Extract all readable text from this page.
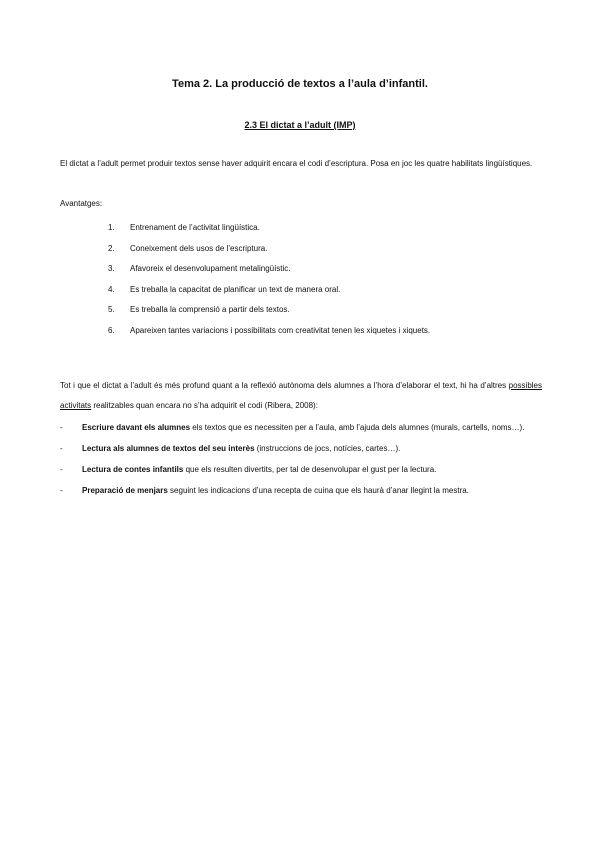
Tema 2. La producció de textos a l’aula d’infantil.
2.3 El dictat a l’adult (IMP)
El dictat a l’adult permet produir textos sense haver adquirit encara el codi d’escriptura. Posa en joc les quatre habilitats lingüístiques.
Avantatges:
1. Entrenament de l’activitat lingüística.
2. Coneixement dels usos de l’escriptura.
3. Afavoreix el desenvolupament metalingüístic.
4. Es treballa la capacitat de planificar un text de manera oral.
5. Es treballa la comprensió a partir dels textos.
6. Apareixen tantes variacions i possibilitats com creativitat tenen les xiquetes i xiquets.
Tot i que el dictat a l’adult és més profund quant a la reflexió autònoma dels alumnes a l’hora d’elaborar el text, hi ha d’altres possibles activitats realitzables quan encara no s’ha adquirit el codi (Ribera, 2008):
- Escriure davant els alumnes els textos que es necessiten per a l’aula, amb l’ajuda dels alumnes (murals, cartells, noms…).
- Lectura als alumnes de textos del seu interès (instruccions de jocs, notícies, cartes…).
- Lectura de contes infantils que els resulten divertits, per tal de desenvolupar el gust per la lectura.
- Preparació de menjars seguint les indicacions d’una recepta de cuina que els haurà d’anar llegint la mestra.
